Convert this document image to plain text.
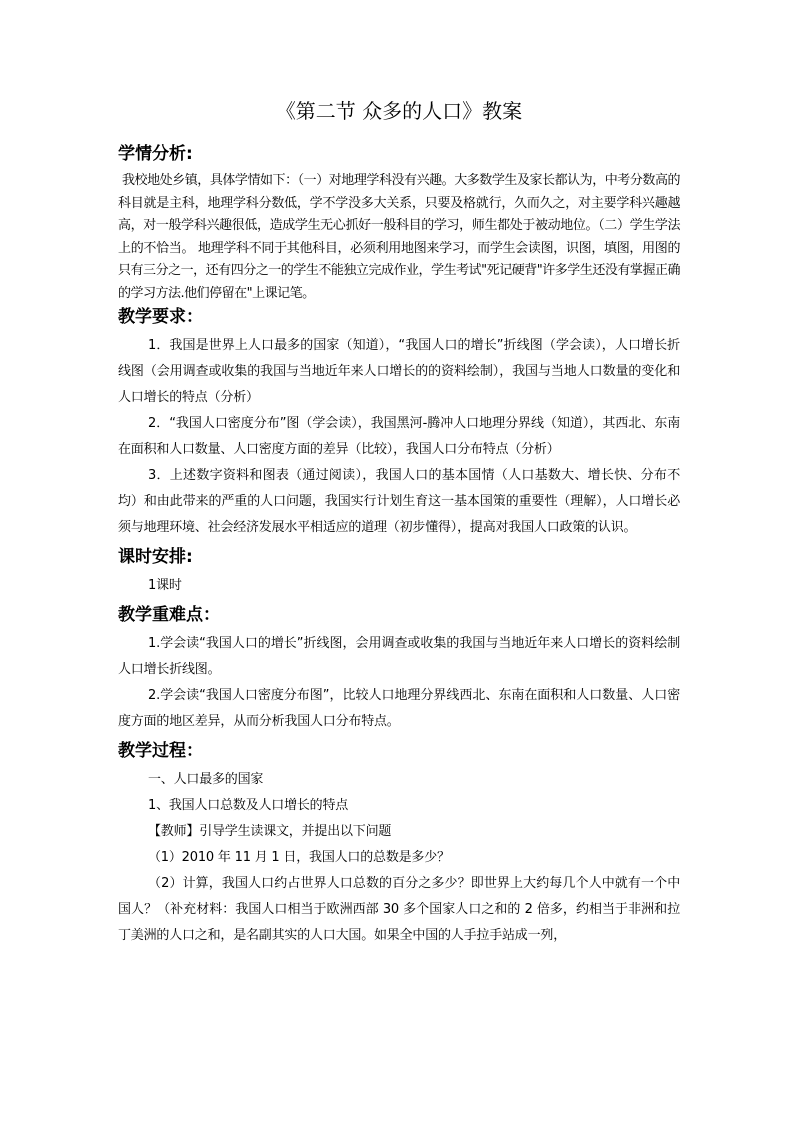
《第二节 众多的人口》教案
学情分析:

我校地处乡镇，具体学情如下：（一）对地理学科没有兴趣。大多数学生及家长都认为，中考分数高的科目就是主科，地理学科分数低，学不学没多大关系，只要及格就行，久而久之，对主要学科兴趣越高，对一般学科兴趣很低，造成学生无心抓好一般科目的学习，师生都处于被动地位。（二）学生学法上的不恰当。 地理学科不同于其他科目，必须利用地图来学习，而学生会读图，识图，填图，用图的只有三分之一，还有四分之一的学生不能独立完成作业，学生考试"死记硬背"许多学生还没有掌握正确的学习方法.他们停留在"上课记笔。

教学要求：

1．我国是世界上人口最多的国家（知道），“我国人口的增长”折线图（学会读），人口增长折线图（会用调查或收集的我国与当地近年来人口增长的的资料绘制），我国与当地人口数量的变化和人口增长的特点（分析）

2．“我国人口密度分布”图（学会读），我国黑河-腾冲人口地理分界线（知道），其西北、东南在面积和人口数量、人口密度方面的差异（比较），我国人口分布特点（分析）

3．上述数字资料和图表（通过阅读），我国人口的基本国情（人口基数大、增长快、分布不均）和由此带来的严重的人口问题，我国实行计划生育这一基本国策的重要性（理解），人口增长必须与地理环境、社会经济发展水平相适应的道理（初步懂得），提高对我国人口政策的认识。

课时安排:

1课时

教学重难点：

1.学会读“我国人口的增长”折线图，会用调查或收集的我国与当地近年来人口增长的资料绘制人口增长折线图。

2.学会读“我国人口密度分布图”，比较人口地理分界线西北、东南在面积和人口数量、人口密度方面的地区差异，从而分析我国人口分布特点。

教学过程：

一、人口最多的国家

1、我国人口总数及人口增长的特点

【教师】引导学生读课文，并提出以下问题

（1）2010 年 11 月 1 日，我国人口的总数是多少？

（2）计算，我国人口约占世界人口总数的百分之多少？即世界上大约每几个人中就有一个中国人？（补充材料：我国人口相当于欧洲西部 30 多个国家人口之和的 2 倍多，约相当于非洲和拉丁美洲的人口之和，是名副其实的人口大国。如果全中国的人手拉手站成一列，
